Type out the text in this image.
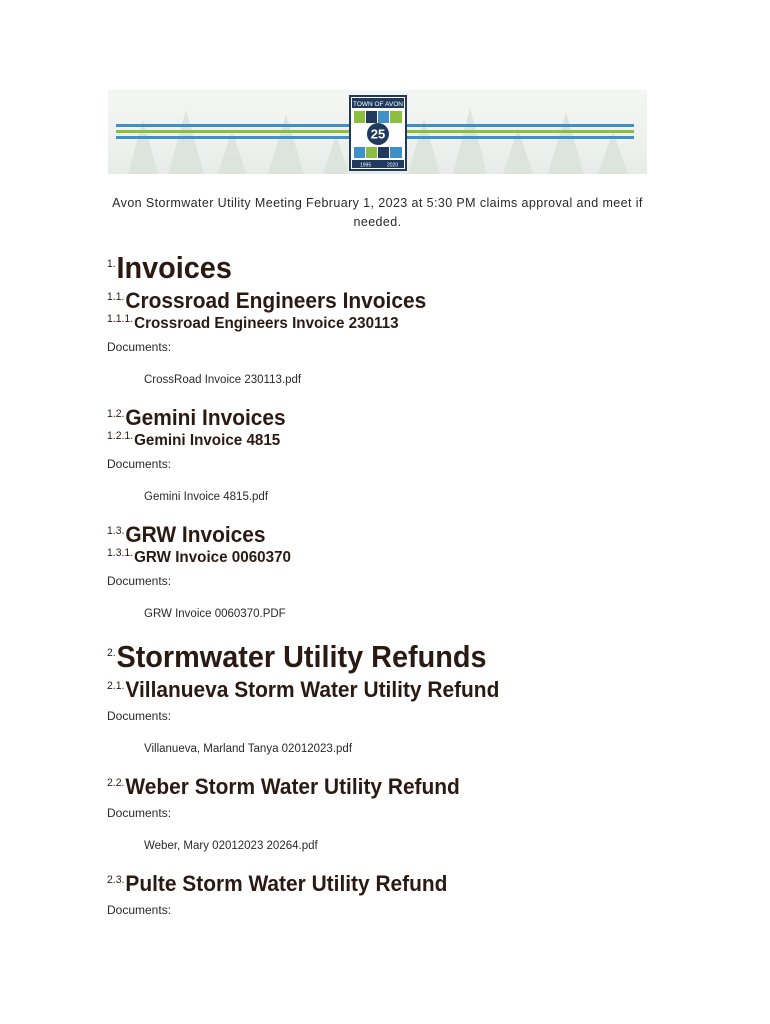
TOWN OF AVON
25
1995	2020
Avon Stormwater Utility Meeting February 1, 2023 at 5:30 PM claims approval and meet if needed.
$^{1.}$Invoices
$^{1.1.}$Crossroad Engineers Invoices
$^{1.1.1.}$Crossroad Engineers Invoice 230113
Documents:
CrossRoad Invoice 230113.pdf
$^{1.2.}$Gemini Invoices
$^{1.2.1.}$Gemini Invoice 4815
Documents:
Gemini Invoice 4815.pdf
$^{1.3.}$GRW Invoices
$^{1.3.1.}$GRW Invoice 0060370
Documents:
GRW Invoice 0060370.PDF
$^{2.}$Stormwater Utility Refunds
$^{2.1.}$Villanueva Storm Water Utility Refund
Documents:
Villanueva, Marland Tanya 02012023.pdf
$^{2.2.}$Weber Storm Water Utility Refund
Documents:
Weber, Mary 02012023 20264.pdf
$^{2.3.}$Pulte Storm Water Utility Refund
Documents:
